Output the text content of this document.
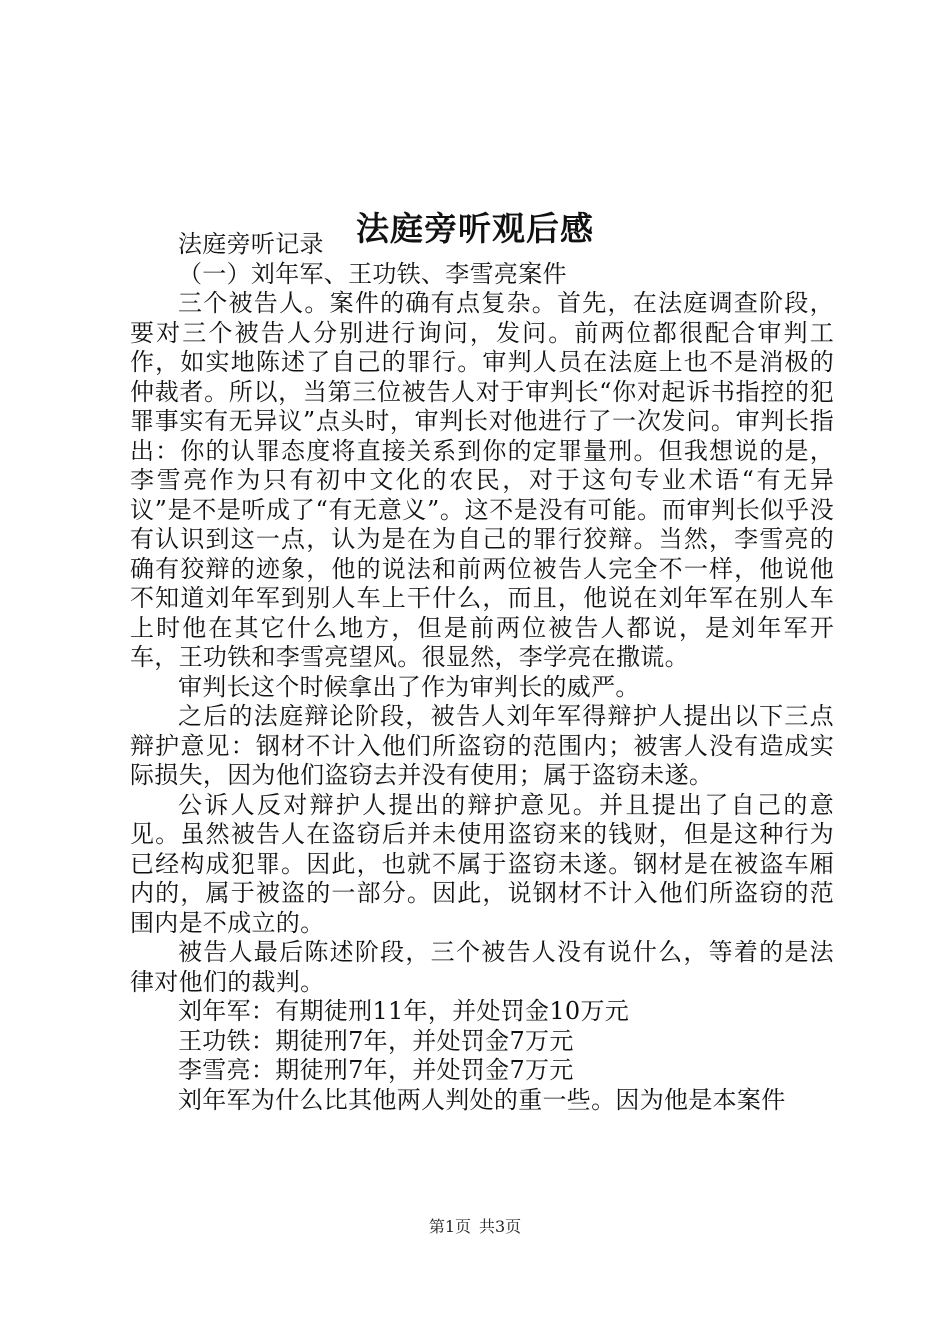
法庭旁听观后感

法庭旁听记录

（一）刘年军、王功铁、李雪亮案件

三个被告人。案件的确有点复杂。首先，在法庭调查阶段，要对三个被告人分别进行询问，发问。前两位都很配合审判工作，如实地陈述了自己的罪行。审判人员在法庭上也不是消极的仲裁者。所以，当第三位被告人对于审判长“你对起诉书指控的犯罪事实有无异议”点头时，审判长对他进行了一次发问。审判长指出：你的认罪态度将直接关系到你的定罪量刑。但我想说的是，李雪亮作为只有初中文化的农民，对于这句专业术语“有无异议”是不是听成了“有无意义”。这不是没有可能。而审判长似乎没有认识到这一点，认为是在为自己的罪行狡辩。当然，李雪亮的确有狡辩的迹象，他的说法和前两位被告人完全不一样，他说他不知道刘年军到别人车上干什么，而且，他说在刘年军在别人车上时他在其它什么地方，但是前两位被告人都说，是刘年军开车，王功铁和李雪亮望风。很显然，李学亮在撒谎。

审判长这个时候拿出了作为审判长的威严。

之后的法庭辩论阶段，被告人刘年军得辩护人提出以下三点辩护意见：钢材不计入他们所盗窃的范围内；被害人没有造成实际损失，因为他们盗窃去并没有使用；属于盗窃未遂。

公诉人反对辩护人提出的辩护意见。并且提出了自己的意见。虽然被告人在盗窃后并未使用盗窃来的钱财，但是这种行为已经构成犯罪。因此，也就不属于盗窃未遂。钢材是在被盗车厢内的，属于被盗的一部分。因此，说钢材不计入他们所盗窃的范围内是不成立的。

被告人最后陈述阶段，三个被告人没有说什么，等着的是法律对他们的裁判。

刘年军：有期徒刑11年，并处罚金10万元

王功铁：期徒刑7年，并处罚金7万元

李雪亮：期徒刑7年，并处罚金7万元

刘年军为什么比其他两人判处的重一些。因为他是本案件

第1页 共3页
